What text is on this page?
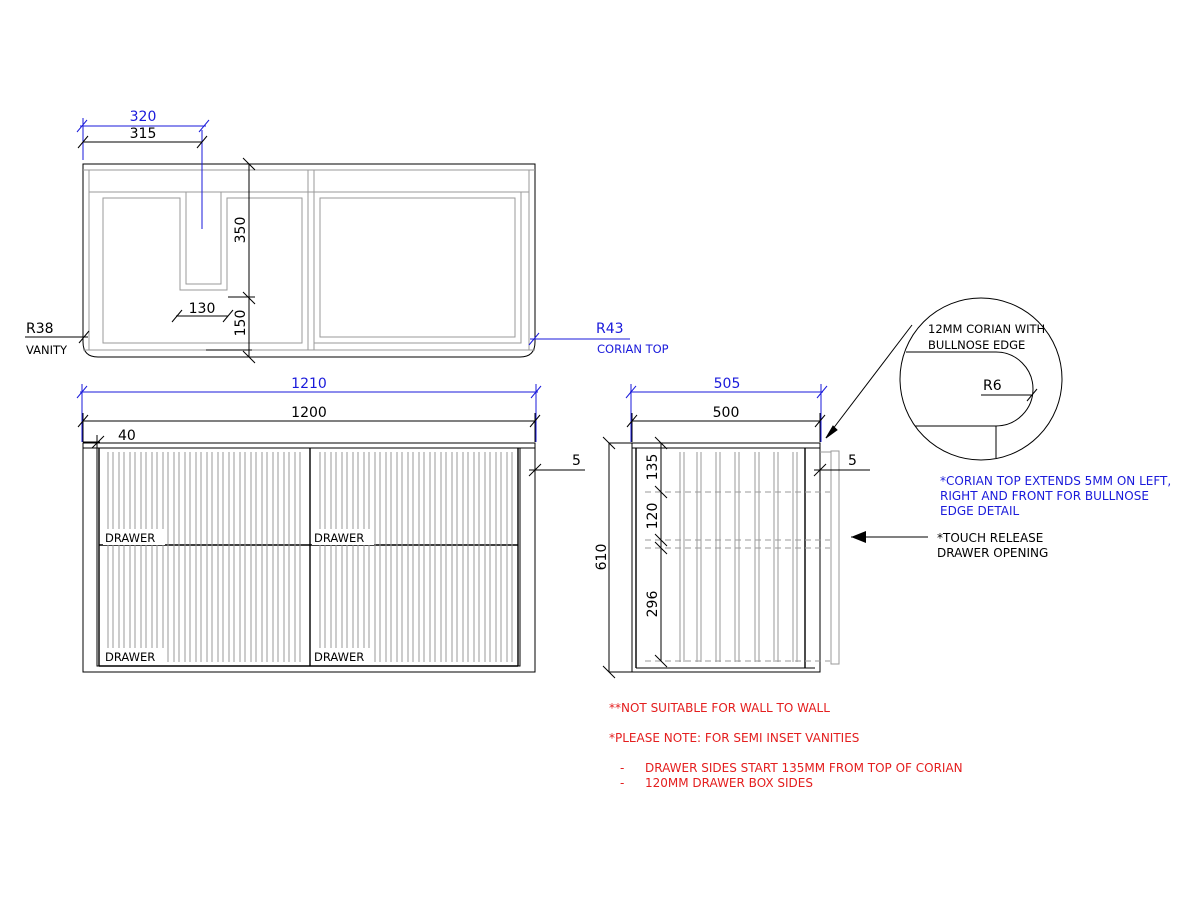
350
150
130
320
315
R38
VANITY
R43
CORIAN TOP
DRAWER	DRAWER
DRAWER	DRAWER
1210
1200
40
5
505
500
5
610
135
120
296
R6
12MM CORIAN WITH
BULLNOSE EDGE
*CORIAN TOP EXTENDS 5MM ON LEFT,
RIGHT AND FRONT FOR BULLNOSE
EDGE DETAIL
*TOUCH RELEASE
DRAWER OPENING
**NOT SUITABLE FOR WALL TO WALL
*PLEASE NOTE: FOR SEMI INSET VANITIES
- DRAWER SIDES START 135MM FROM TOP OF CORIAN
- 120MM DRAWER BOX SIDES
